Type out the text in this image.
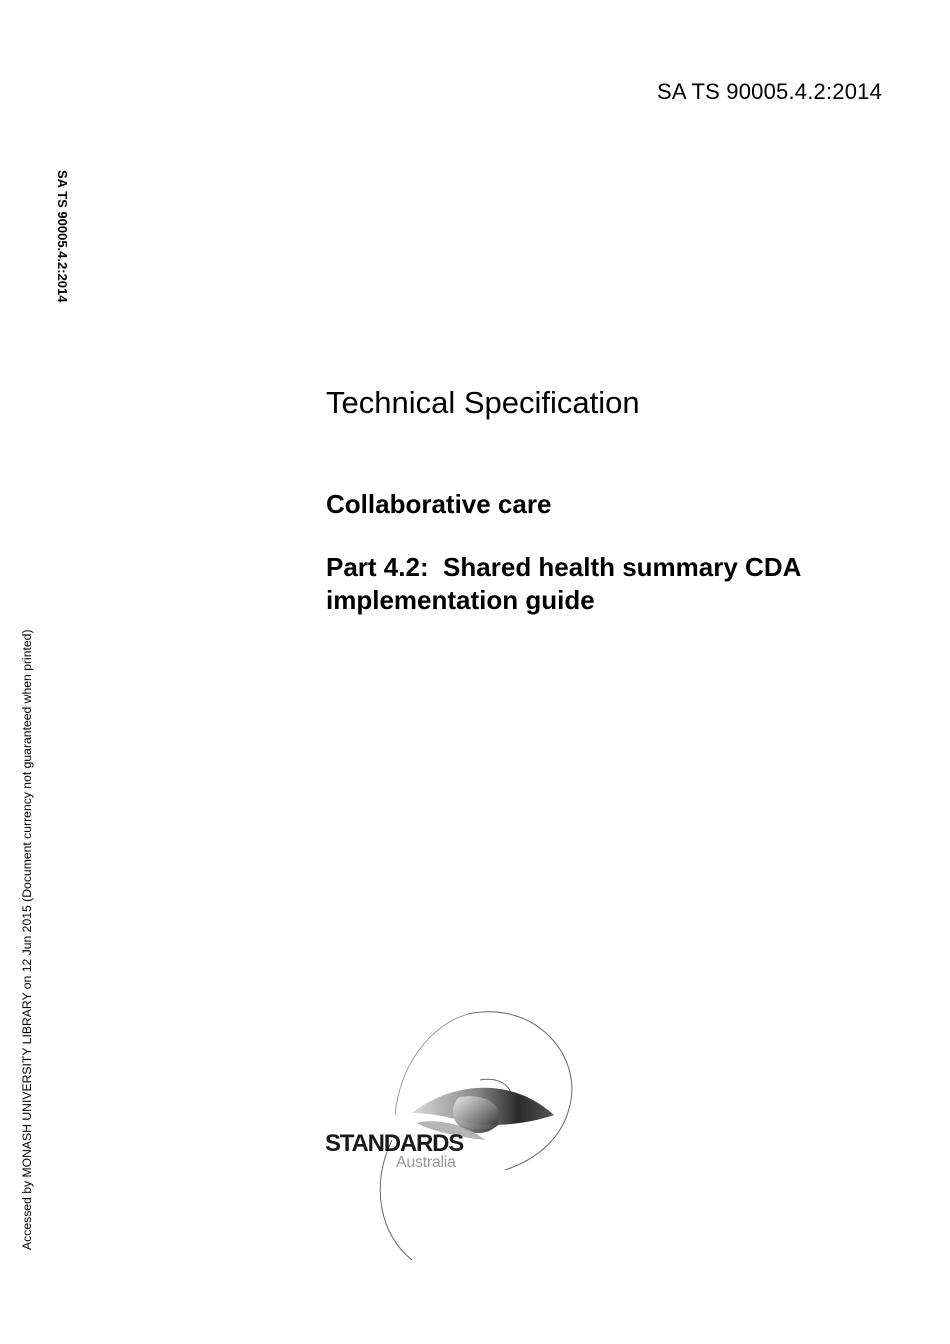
SA TS 90005.4.2:2014
SA TS 90005.4.2:2014
Accessed by MONASH UNIVERSITY LIBRARY on 12 Jun 2015 (Document currency not guaranteed when printed)
Technical Specification
Collaborative care
Part 4.2:  Shared health summary CDA implementation guide
STANDARDS
Australia
